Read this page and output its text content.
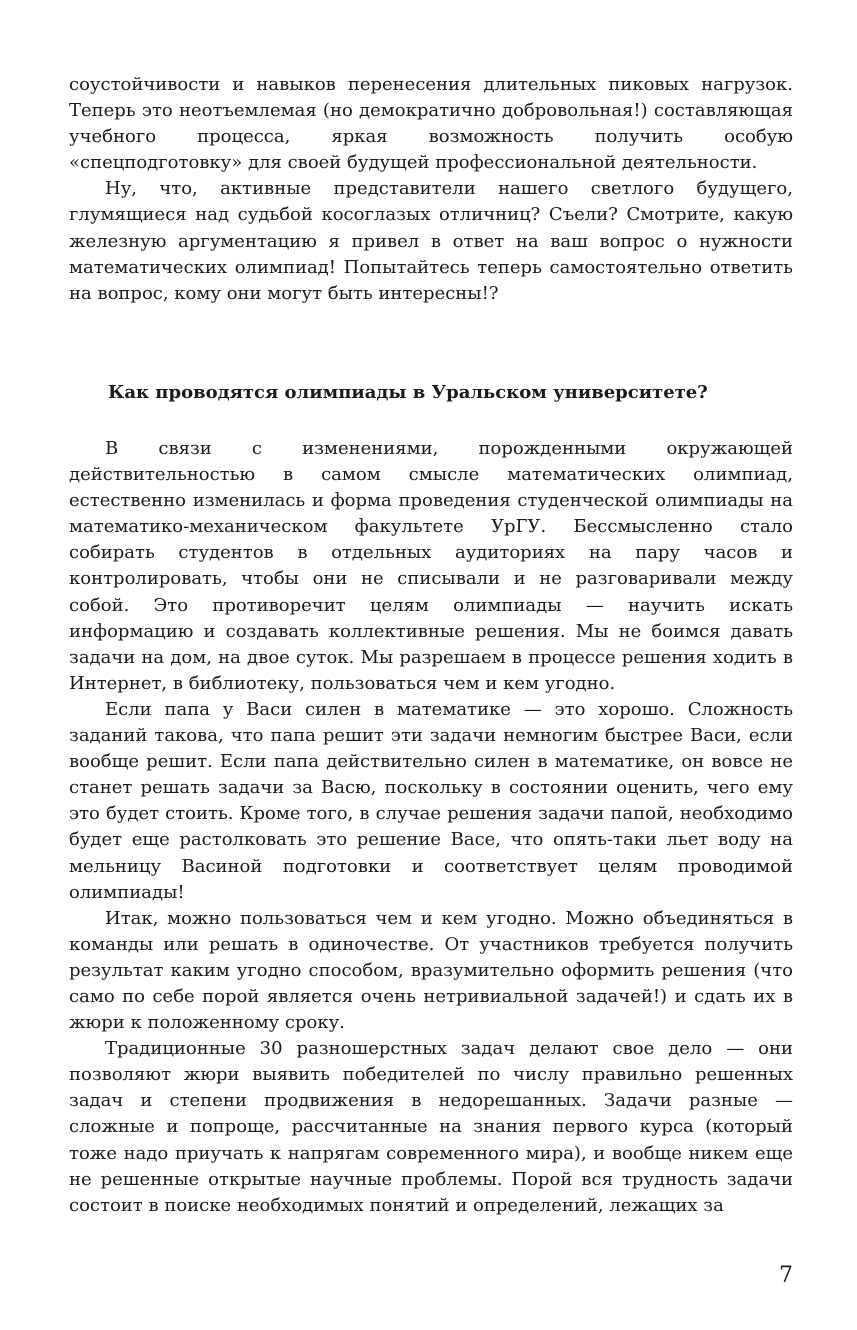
соустойчивости и навыков перенесения длительных пиковых нагрузок. Теперь это неотъемлемая (но демократично добровольная!) составляющая учебного процесса, яркая возможность получить особую «спецподготовку» для своей будущей профессиональной деятельности.

Ну, что, активные представители нашего светлого будущего, глумящиеся над судьбой косоглазых отличниц? Съели? Смотрите, какую железную аргументацию я привел в ответ на ваш вопрос о нужности математических олимпиад! Попытайтесь теперь самостоятельно ответить на вопрос, кому они могут быть интересны!?

Как проводятся олимпиады в Уральском университете?

В связи с изменениями, порожденными окружающей действительностью в самом смысле математических олимпиад, естественно изменилась и форма проведения студенческой олимпиады на математико-механическом факультете УрГУ. Бессмысленно стало собирать студентов в отдельных аудиториях на пару часов и контролировать, чтобы они не списывали и не разговаривали между собой. Это противоречит целям олимпиады — научить искать информацию и создавать коллективные решения. Мы не боимся давать задачи на дом, на двое суток. Мы разрешаем в процессе решения ходить в Интернет, в библиотеку, пользоваться чем и кем угодно.

Если папа у Васи силен в математике — это хорошо. Сложность заданий такова, что папа решит эти задачи немногим быстрее Васи, если вообще решит. Если папа действительно силен в математике, он вовсе не станет решать задачи за Васю, поскольку в состоянии оценить, чего ему это будет стоить. Кроме того, в случае решения задачи папой, необходимо будет еще растолковать это решение Васе, что опять-таки льет воду на мельницу Васиной подготовки и соответствует целям проводимой олимпиады!

Итак, можно пользоваться чем и кем угодно. Можно объединяться в команды или решать в одиночестве. От участников требуется получить результат каким угодно способом, вразумительно оформить решения (что само по себе порой является очень нетривиальной задачей!) и сдать их в жюри к положенному сроку.

Традиционные 30 разношерстных задач делают свое дело — они позволяют жюри выявить победителей по числу правильно решенных задач и степени продвижения в недорешанных. Задачи разные — сложные и попроще, рассчитанные на знания первого курса (который тоже надо приучать к напрягам современного мира), и вообще никем еще не решенные открытые научные проблемы. Порой вся трудность задачи состоит в поиске необходимых понятий и определений, лежащих за

7
